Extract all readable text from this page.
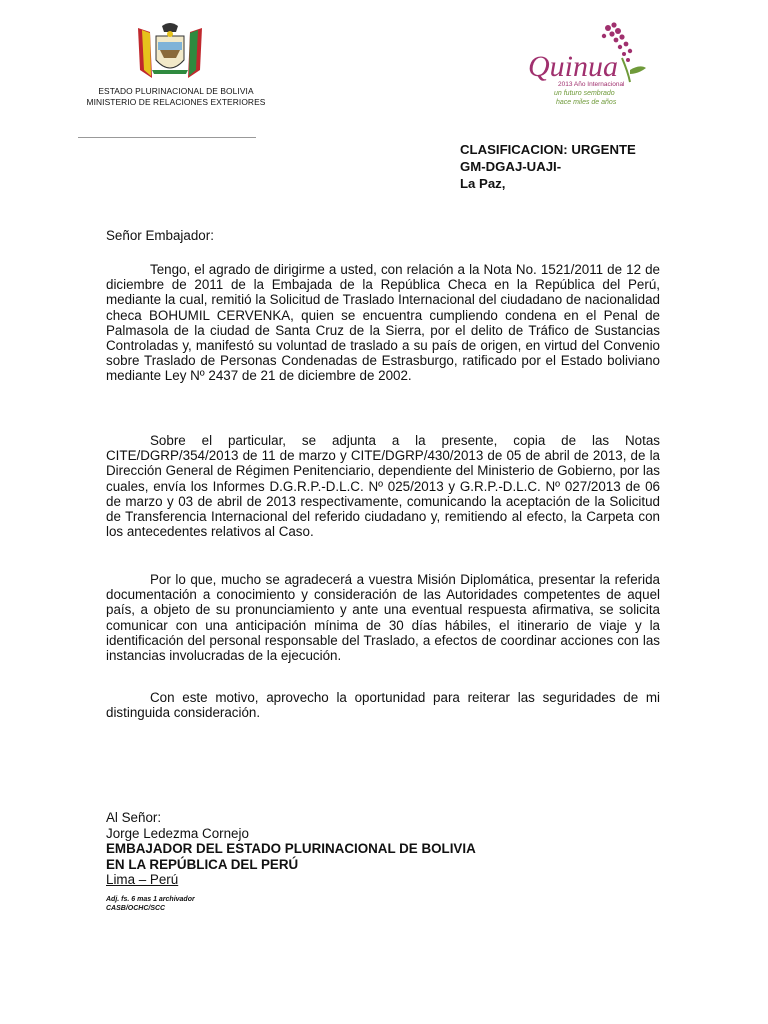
ESTADO PLURINACIONAL DE BOLIVIA
MINISTERIO DE RELACIONES EXTERIORES
Quinua
2013 Año Internacional
un futuro sembrado
hace miles de años
CLASIFICACION: URGENTE
GM-DGAJ-UAJI-
La Paz,
Señor Embajador:
Tengo, el agrado de dirigirme a usted, con relación a la Nota No. 1521/2011 de 12 de diciembre de 2011 de la Embajada de la República Checa en la República del Perú, mediante la cual, remitió la Solicitud de Traslado Internacional del ciudadano de nacionalidad checa BOHUMIL CERVENKA, quien se encuentra cumpliendo condena en el Penal de Palmasola de la ciudad de Santa Cruz de la Sierra, por el delito de Tráfico de Sustancias Controladas y, manifestó su voluntad de traslado a su país de origen, en virtud del Convenio sobre Traslado de Personas Condenadas de Estrasburgo, ratificado por el Estado boliviano mediante Ley Nº 2437 de 21 de diciembre de 2002.
Sobre el particular, se adjunta a la presente, copia de las Notas CITE/DGRP/354/2013 de 11 de marzo y CITE/DGRP/430/2013 de 05 de abril de 2013, de la Dirección General de Régimen Penitenciario, dependiente del Ministerio de Gobierno, por las cuales, envía los Informes D.G.R.P.-D.L.C. Nº 025/2013 y G.R.P.-D.L.C. Nº 027/2013 de 06 de marzo y 03 de abril de 2013 respectivamente, comunicando la aceptación de la Solicitud de Transferencia Internacional del referido ciudadano y, remitiendo al efecto, la Carpeta con los antecedentes relativos al Caso.
Por lo que, mucho se agradecerá a vuestra Misión Diplomática, presentar la referida documentación a conocimiento y consideración de las Autoridades competentes de aquel país, a objeto de su pronunciamiento y ante una eventual respuesta afirmativa, se solicita comunicar con una anticipación mínima de 30 días hábiles, el itinerario de viaje y la identificación del personal responsable del Traslado, a efectos de coordinar acciones con las instancias involucradas de la ejecución.
Con este motivo, aprovecho la oportunidad para reiterar las seguridades de mi distinguida consideración.
Al Señor:
Jorge Ledezma Cornejo
EMBAJADOR DEL ESTADO PLURINACIONAL DE BOLIVIA
EN LA REPÚBLICA DEL PERÚ
Lima – Perú
Adj. fs. 6 mas 1 archivador
CASB/OCHC/SCC
